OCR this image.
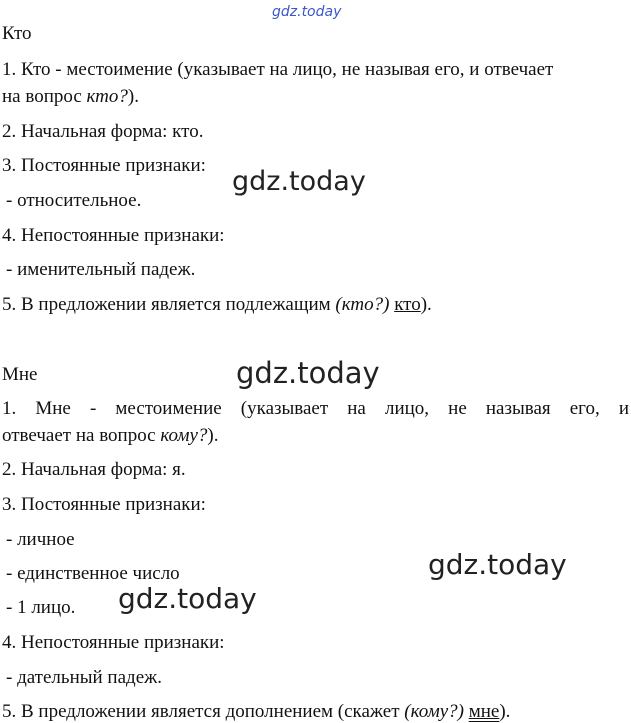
gdz.today
gdz.today
gdz.today
gdz.today
gdz.today
Кто
1. Кто - местоимение (указывает на лицо, не называя его, и отвечает
на вопрос кто?).
2. Начальная форма: кто.
3. Постоянные признаки:
- относительное.
4. Непостоянные признаки:
- именительный падеж.
5. В предложении является подлежащим (кто?) кто).
Мне
1. Мне - местоимение (указывает на лицо, не называя его, и
отвечает на вопрос кому?).
2. Начальная форма: я.
3. Постоянные признаки:
- личное
- единственное число
- 1 лицо.
4. Непостоянные признаки:
- дательный падеж.
5. В предложении является дополнением (скажет (кому?) мне).
